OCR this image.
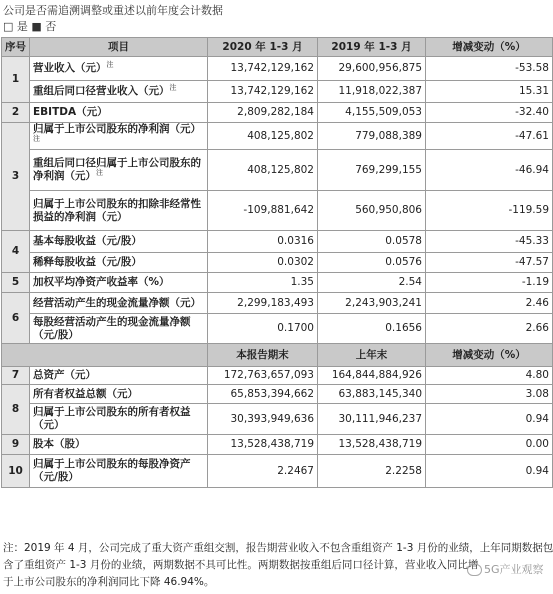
公司是否需追溯调整或重述以前年度会计数据
□ 是 ■ 否
序号	项目	2020 年 1-3 月	2019 年 1-3 月	增减变动（%）
1	营业收入（元）$^注$	13,742,129,162	29,600,956,875	-53.58
	重组后同口径营业收入（元）$^注$	13,742,129,162	11,918,022,387	15.31
2	EBITDA（元）	2,809,282,184	4,155,509,053	-32.40
3	归属于上市公司股东的净利润（元）$^注$	408,125,802	779,088,389	-47.61
	重组后同口径归属于上市公司股东的净利润（元）$^注$	408,125,802	769,299,155	-46.94
	归属于上市公司股东的扣除非经常性损益的净利润（元）	-109,881,642	560,950,806	-119.59
4	基本每股收益（元/股）	0.0316	0.0578	-45.33
	稀释每股收益（元/股）	0.0302	0.0576	-47.57
5	加权平均净资产收益率（%）	1.35	2.54	-1.19
6	经营活动产生的现金流量净额（元）	2,299,183,493	2,243,903,241	2.46
	每股经营活动产生的现金流量净额（元/股）	0.1700	0.1656	2.66
		本报告期末	上年末	增减变动（%）
7	总资产（元）	172,763,657,093	164,844,884,926	4.80
8	所有者权益总额（元）	65,853,394,662	63,883,145,340	3.08
	归属于上市公司股东的所有者权益（元）	30,393,949,636	30,111,946,237	0.94
9	股本（股）	13,528,438,719	13,528,438,719	0.00
10	归属于上市公司股东的每股净资产（元/股）	2.2467	2.2258	0.94
注：2019 年 4 月，公司完成了重大资产重组交割，报告期营业收入不包含重组资产 1-3 月份的业绩，上年同期数据包
含了重组资产 1-3 月份的业绩，两期数据不具可比性。两期数据按重组后同口径计算，营业收入同比增
于上市公司股东的净利润同比下降 46.94%。
5G产业观察
